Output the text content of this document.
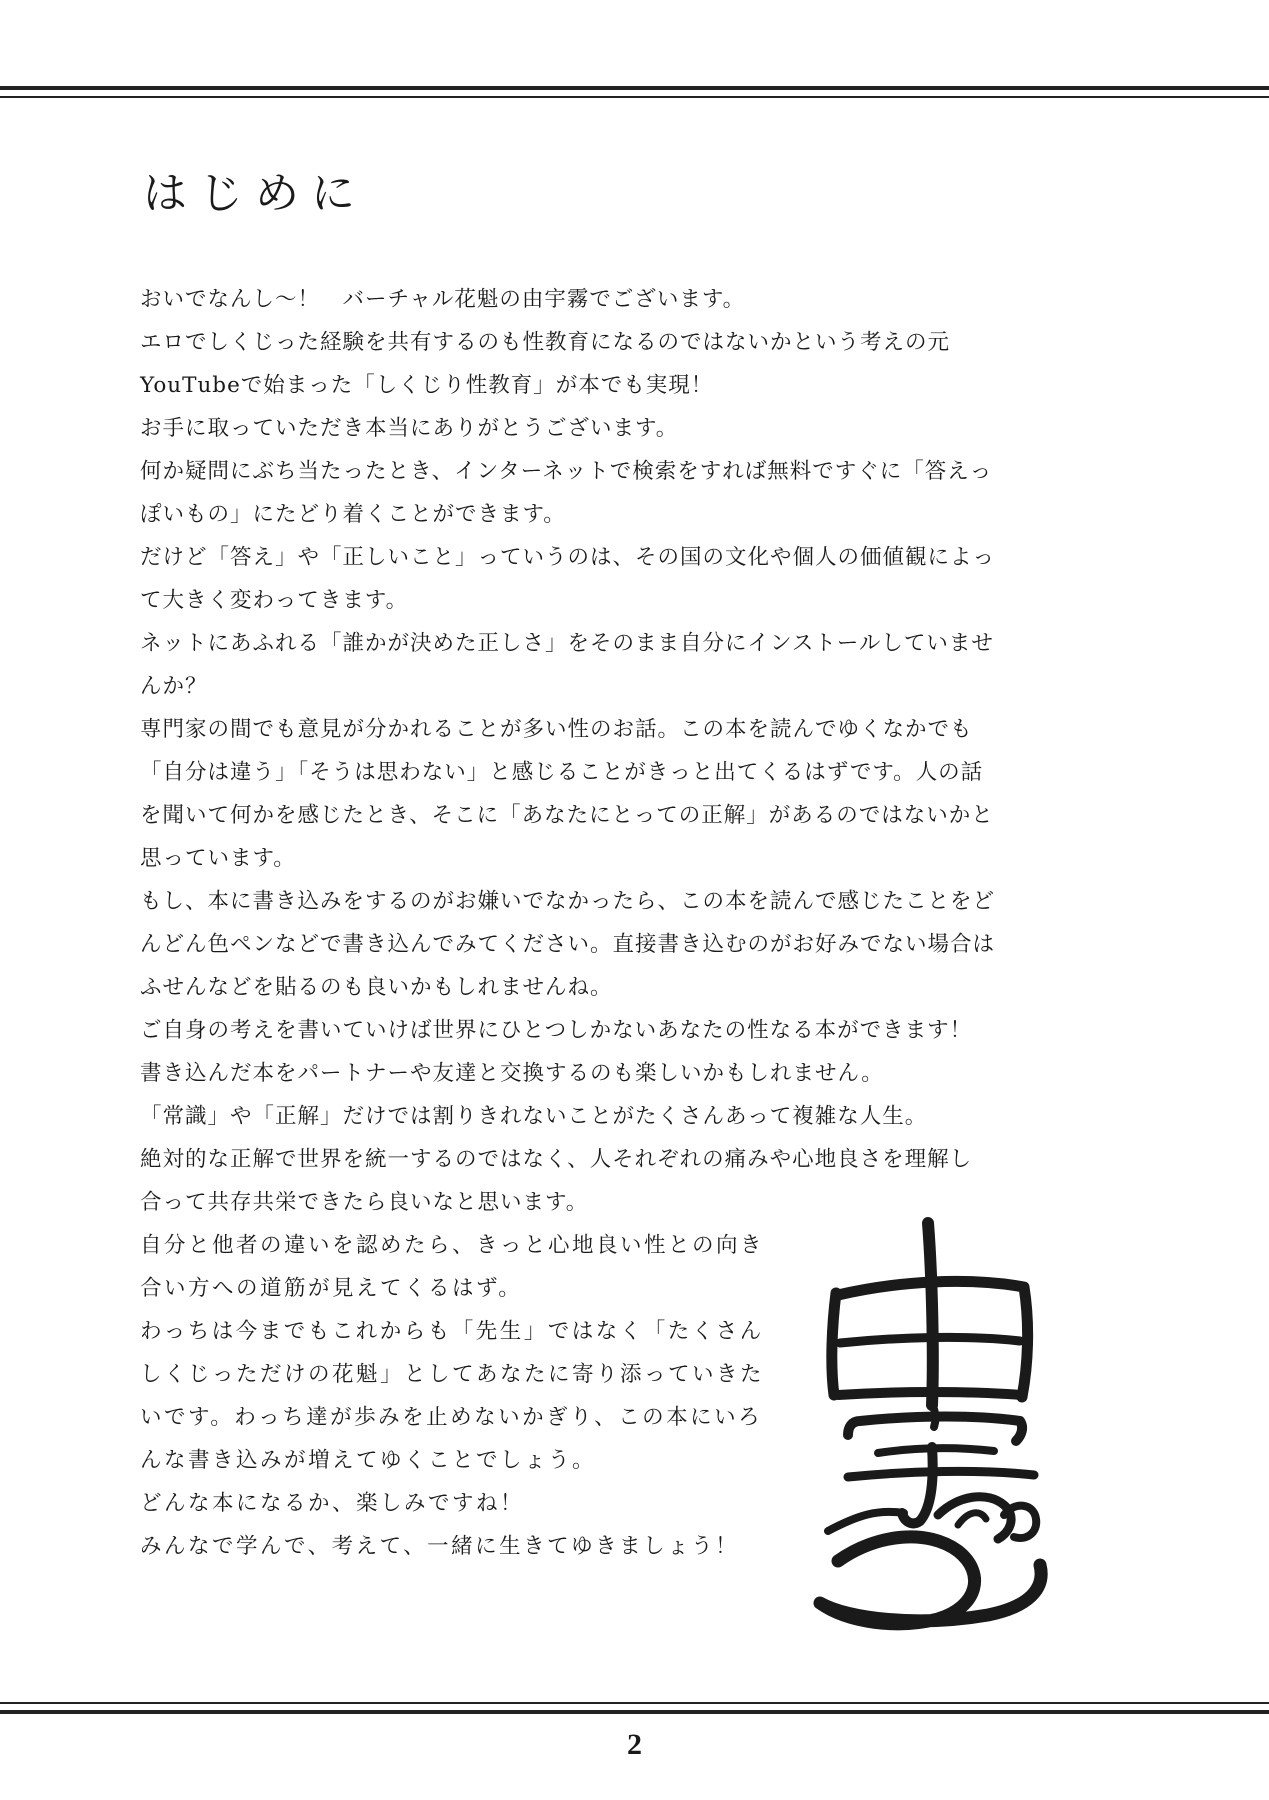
はじめに
おいでなんし〜！　バーチャル花魁の由宇霧でございます。
エロでしくじった経験を共有するのも性教育になるのではないかという考えの元
YouTubeで始まった「しくじり性教育」が本でも実現！
お手に取っていただき本当にありがとうございます。
何か疑問にぶち当たったとき、インターネットで検索をすれば無料ですぐに「答えっ
ぽいもの」にたどり着くことができます。
だけど「答え」や「正しいこと」っていうのは、その国の文化や個人の価値観によっ
て大きく変わってきます。
ネットにあふれる「誰かが決めた正しさ」をそのまま自分にインストールしていませ
んか？
専門家の間でも意見が分かれることが多い性のお話。この本を読んでゆくなかでも
「自分は違う」「そうは思わない」と感じることがきっと出てくるはずです。人の話
を聞いて何かを感じたとき、そこに「あなたにとっての正解」があるのではないかと
思っています。
もし、本に書き込みをするのがお嫌いでなかったら、この本を読んで感じたことをど
んどん色ペンなどで書き込んでみてください。直接書き込むのがお好みでない場合は
ふせんなどを貼るのも良いかもしれませんね。
ご自身の考えを書いていけば世界にひとつしかないあなたの性なる本ができます！
書き込んだ本をパートナーや友達と交換するのも楽しいかもしれません。
「常識」や「正解」だけでは割りきれないことがたくさんあって複雑な人生。
絶対的な正解で世界を統一するのではなく、人それぞれの痛みや心地良さを理解し
合って共存共栄できたら良いなと思います。
自分と他者の違いを認めたら、きっと心地良い性との向き
合い方への道筋が見えてくるはず。
わっちは今までもこれからも「先生」ではなく「たくさん
しくじっただけの花魁」としてあなたに寄り添っていきた
いです。わっち達が歩みを止めないかぎり、この本にいろ
んな書き込みが増えてゆくことでしょう。
どんな本になるか、楽しみですね！
みんなで学んで、考えて、一緒に生きてゆきましょう！
2
